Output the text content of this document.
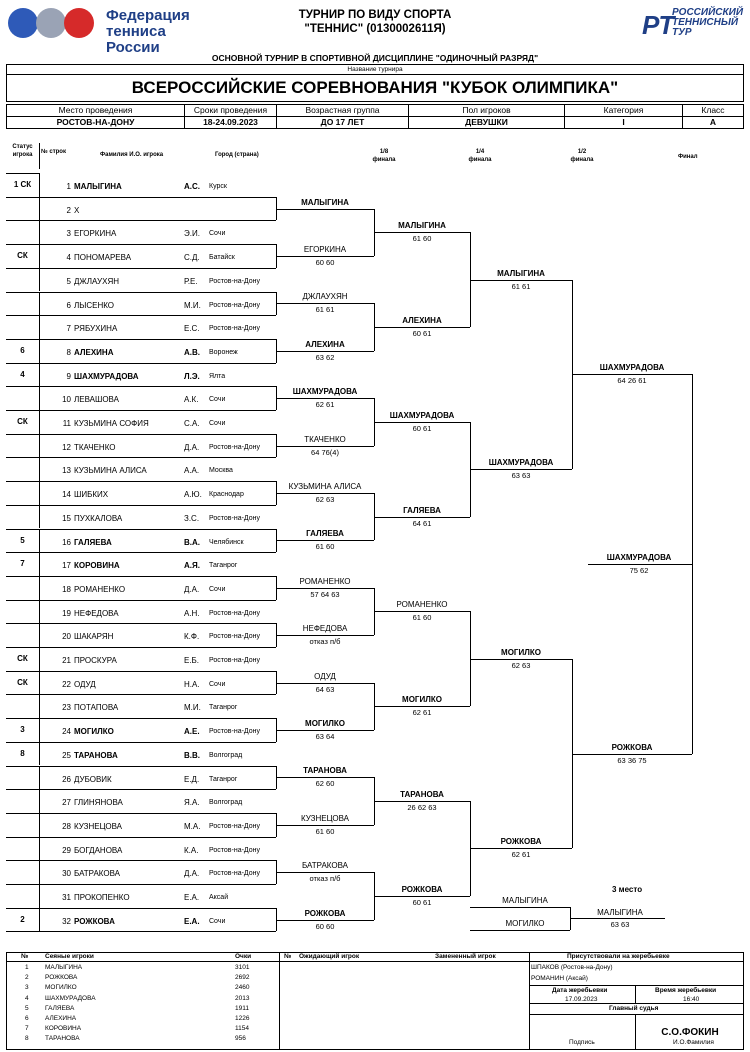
Федерация
тенниса России
ТУРНИР ПО ВИДУ СПОРТА
"ТЕННИС" (0130002611Я)	РТ
РОССИЙСКИЙ
ТЕННИСНЫЙ
ТУР
ОСНОВНОЙ ТУРНИР В СПОРТИВНОЙ ДИСЦИПЛИНЕ "ОДИНОЧНЫЙ РАЗРЯД"
Название турнира
ВСЕРОССИЙСКИЕ СОРЕВНОВАНИЯ "КУБОК ОЛИМПИКА"
Место проведения	Сроки проведения	Возрастная группа	Пол игроков	Категория	Класс
РОСТОВ-НА-ДОНУ	18-24.09.2023	ДО 17 ЛЕТ	ДЕВУШКИ	I	А
Статус игрока	№ строк	Фамилия И.О. игрока	Город (страна)	1/8 финала
1/4 финала
1/2 финала	Финал
1 СК	1 МАЛЫГИНА	А.С. Курск
2 Х
3 ЕГОРКИНА	Э.И. Сочи
СК	4 ПОНОМАРЕВА	С.Д. Батайск
5 ДЖЛАУХЯН	Р.Е. Ростов-на-Дону
6 ЛЫСЕНКО	М.И. Ростов-на-Дону
7 РЯБУХИНА	Е.С. Ростов-на-Дону
6	8 АЛЕХИНА	А.В. Воронеж
4	9 ШАХМУРАДОВА	Л.Э. Ялта
10 ЛЕВАШОВА	А.К. Сочи
СК	11 КУЗЬМИНА СОФИЯ	С.А. Сочи
12 ТКАЧЕНКО	Д.А. Ростов-на-Дону
13 КУЗЬМИНА АЛИСА	А.А. Москва
14 ШИБКИХ	А.Ю. Краснодар
15 ПУХКАЛОВА	З.С. Ростов-на-Дону
5	16 ГАЛЯЕВА	В.А. Челябинск
7	17 КОРОВИНА	А.Я. Таганрог
18 РОМАНЕНКО	Д.А. Сочи
19 НЕФЕДОВА	А.Н. Ростов-на-Дону
20 ШАКАРЯН	К.Ф. Ростов-на-Дону
СК	21 ПРОСКУРА	Е.Б. Ростов-на-Дону
СК	22 ОДУД	Н.А. Сочи
23 ПОТАПОВА	М.И. Таганрог
3	24 МОГИЛКО	А.Е. Ростов-на-Дону
8	25 ТАРАНОВА	В.В. Волгоград
26 ДУБОВИК	Е.Д. Таганрог
27 ГЛИНЯНОВА	Я.А. Волгоград
28 КУЗНЕЦОВА	М.А. Ростов-на-Дону
29 БОГДАНОВА	К.А. Ростов-на-Дону
30 БАТРАКОВА	Д.А. Ростов-на-Дону
31 ПРОКОПЕНКО	Е.А. Аксай
2	32 РОЖКОВА	Е.А. Сочи
МАЛЫГИНА
ЕГОРКИНА
60 60
ДЖЛАУХЯН
61 61
АЛЕХИНА
63 62
ШАХМУРАДОВА
62 61
ТКАЧЕНКО
64 76(4)
КУЗЬМИНА АЛИСА
62 63
ГАЛЯЕВА
61 60
РОМАНЕНКО
57 64 63
НЕФЕДОВА
отказ п/б
ОДУД
64 63
МОГИЛКО
63 64
ТАРАНОВА
62 60
КУЗНЕЦОВА
61 60
БАТРАКОВА
отказ п/б
РОЖКОВА
60 60
МАЛЫГИНА
61 60
АЛЕХИНА
60 61
ШАХМУРАДОВА
60 61
ГАЛЯЕВА
64 61
РОМАНЕНКО
61 60
МОГИЛКО
62 61
ТАРАНОВА
26 62 63
РОЖКОВА
60 61
МАЛЫГИНА
61 61
ШАХМУРАДОВА
63 63
МОГИЛКО
62 63
РОЖКОВА
62 61
ШАХМУРАДОВА
64 26 61
РОЖКОВА
63 36 75
ШАХМУРАДОВА
75 62
3 место
МАЛЫГИНА
МОГИЛКО
МАЛЫГИНА
63 63
№	Сеяные игроки	Очки
1	МАЛЫГИНА	3101
2	РОЖКОВА	2692
3	МОГИЛКО	2460
4	ШАХМУРАДОВА	2013
5	ГАЛЯЕВА	1911
6	АЛЕХИНА	1226
7	КОРОВИНА	1154
8	ТАРАНОВА	956
№ Ожидающий игрок	Замененный игрок	Присутствовали на жеребьевке
ШПАКОВ (Ростов-на-Дону)
РОМАНИН (Аксай)
Дата жеребьевки	Время жеребьевки
17.09.2023	16:40
Главный судья
С.О.ФОКИН
Подпись	И.О.Фамилия
